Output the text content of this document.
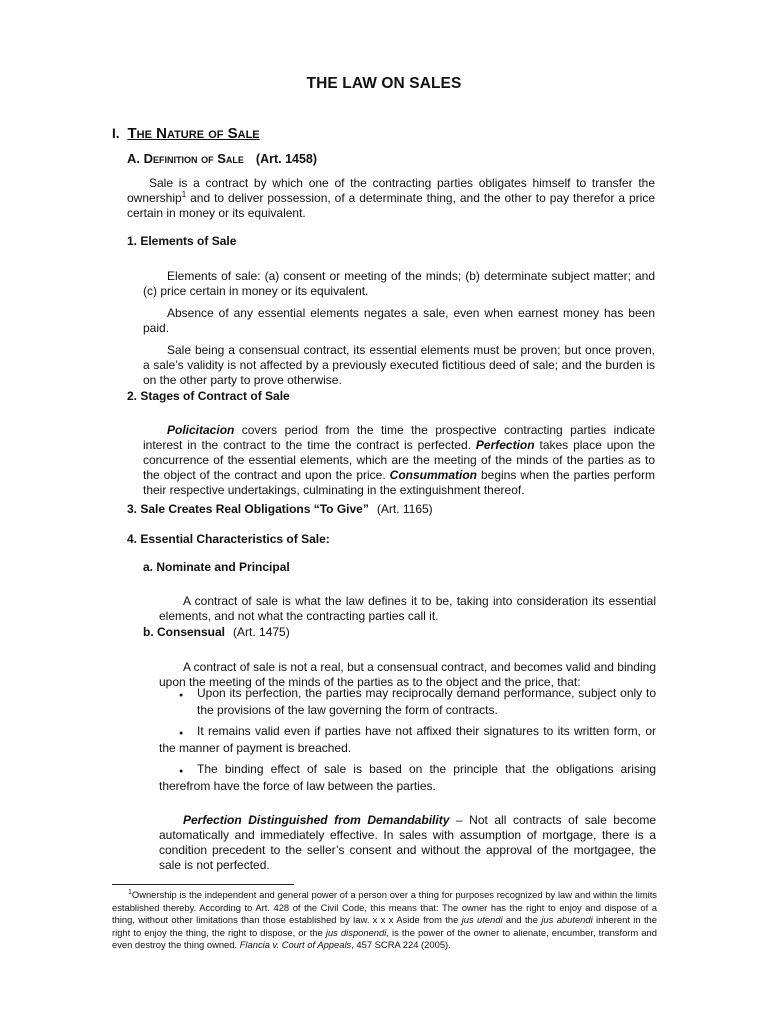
THE LAW ON SALES
I. The Nature of Sale
A. Definition of Sale (Art. 1458)

Sale is a contract by which one of the contracting parties obligates himself to transfer the ownership$^1$ and to deliver possession, of a determinate thing, and the other to pay therefor a price certain in money or its equivalent.

1. Elements of Sale

Elements of sale: (a) consent or meeting of the minds; (b) determinate subject matter; and (c) price certain in money or its equivalent.

Absence of any essential elements negates a sale, even when earnest money has been paid.

Sale being a consensual contract, its essential elements must be proven; but once proven, a sale’s validity is not affected by a previously executed fictitious deed of sale; and the burden is on the other party to prove otherwise.

2. Stages of Contract of Sale

Policitacion covers period from the time the prospective contracting parties indicate interest in the contract to the time the contract is perfected. Perfection takes place upon the concurrence of the essential elements, which are the meeting of the minds of the parties as to the object of the contract and upon the price. Consummation begins when the parties perform their respective undertakings, culminating in the extinguishment thereof.

3. Sale Creates Real Obligations “To Give” (Art. 1165)
4. Essential Characteristics of Sale:
a. Nominate and Principal

A contract of sale is what the law defines it to be, taking into consideration its essential elements, and not what the contracting parties call it.

b. Consensual (Art. 1475)

A contract of sale is not a real, but a consensual contract, and becomes valid and binding upon the meeting of the minds of the parties as to the object and the price, that:

● Upon its perfection, the parties may reciprocally demand performance, subject only to the provisions of the law governing the form of contracts.

● It remains valid even if parties have not affixed their signatures to its written form, or the manner of payment is breached.

● The binding effect of sale is based on the principle that the obligations arising therefrom have the force of law between the parties.

Perfection Distinguished from Demandability – Not all contracts of sale become automatically and immediately effective. In sales with assumption of mortgage, there is a condition precedent to the seller’s consent and without the approval of the mortgagee, the sale is not perfected.

$^1$Ownership is the independent and general power of a person over a thing for purposes recognized by law and within the limits established thereby. According to Art. 428 of the Civil Code, this means that: The owner has the right to enjoy and dispose of a thing, without other limitations than those established by law. x x x Aside from the jus utendi and the jus abutendi inherent in the right to enjoy the thing, the right to dispose, or the jus disponendi, is the power of the owner to alienate, encumber, transform and even destroy the thing owned. Flancia v. Court of Appeals, 457 SCRA 224 (2005).
